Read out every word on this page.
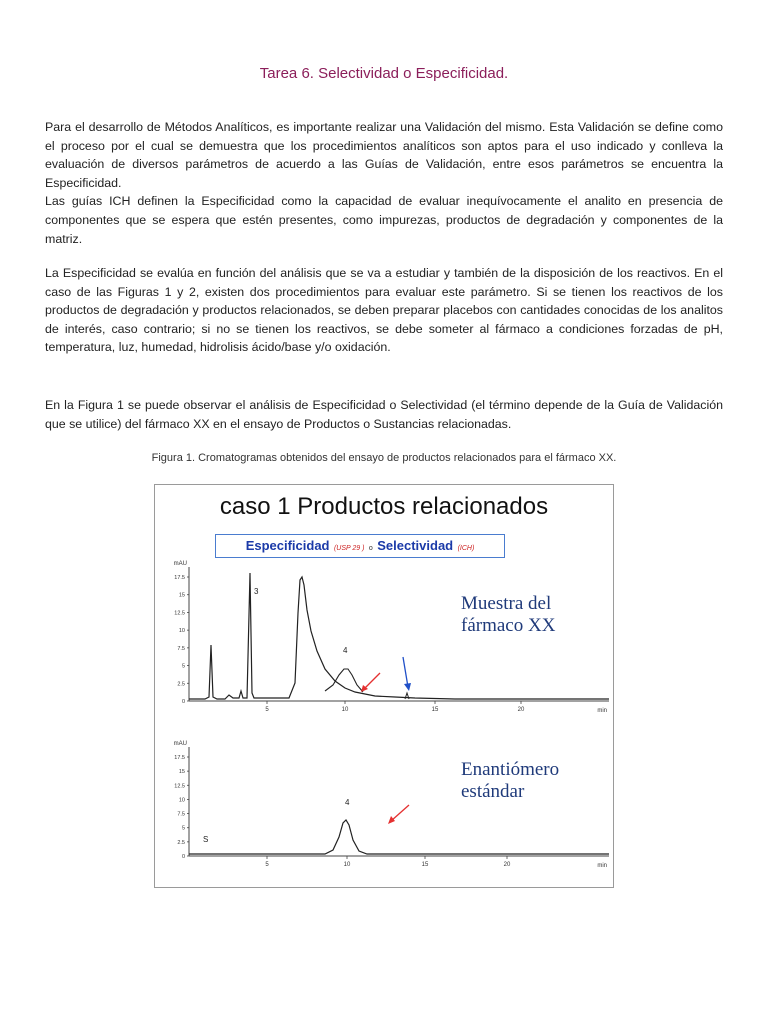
Tarea 6. Selectividad o Especificidad.

Para el desarrollo de Métodos Analíticos, es importante realizar una Validación del mismo. Esta Validación se define como el proceso por el cual se demuestra que los procedimientos analíticos son aptos para el uso indicado y conlleva la evaluación de diversos parámetros de acuerdo a las Guías de Validación, entre esos parámetros se encuentra la Especificidad.

Las guías ICH definen la Especificidad como la capacidad de evaluar inequívocamente el analito en presencia de componentes que se espera que estén presentes, como impurezas, productos de degradación y componentes de la matriz.

La Especificidad se evalúa en función del análisis que se va a estudiar y también de la disposición de los reactivos. En el caso de las Figuras 1 y 2, existen dos procedimientos para evaluar este parámetro. Si se tienen los reactivos de los productos de degradación y productos relacionados, se deben preparar placebos con cantidades conocidas de los analitos de interés, caso contrario; si no se tienen los reactivos, se debe someter al fármaco a condiciones forzadas de pH, temperatura, luz, humedad, hidrolisis ácido/base y/o oxidación.

En la Figura 1 se puede observar el análisis de Especificidad o Selectividad (el término depende de la Guía de Validación que se utilice) del fármaco XX en el ensayo de Productos o Sustancias relacionadas.

Figura 1. Cromatogramas obtenidos del ensayo de productos relacionados para el fármaco XX.
caso 1 Productos relacionados
Especificidad (USP 29 ) o Selectividad (ICH)
mAU
min
17.5
15
12.5
10
7.5
5
2.5
0
5	10	15	20
3
4
mAU
min
17.5
15
12.5
10
7.5
5
2.5
0
5	10	15	20
S
4
Muestra del
fármaco XX
Enantiómero
estándar
